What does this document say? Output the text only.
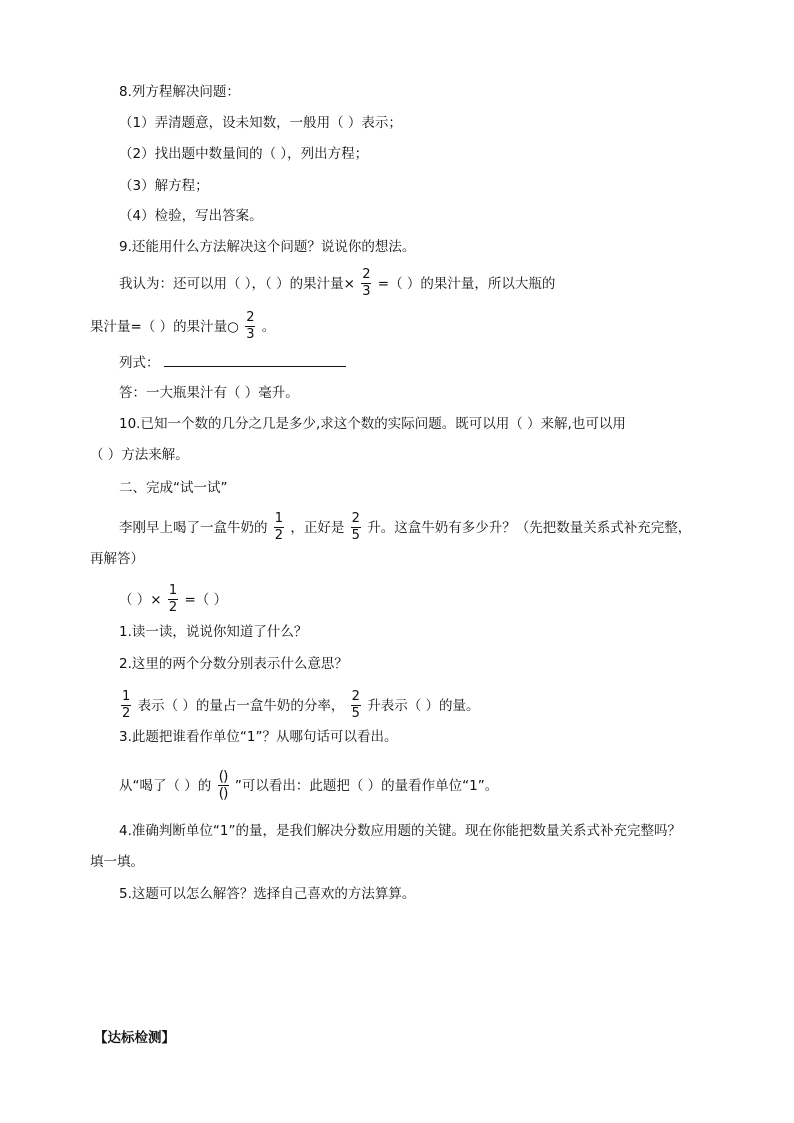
8.列方程解决问题：
（1）弄清题意，设未知数，一般用（ ）表示；
（2）找出题中数量间的（ ），列出方程；
（3）解方程；
（4）检验，写出答案。
9.还能用什么方法解决这个问题？说说你的想法。
我认为：还可以用（ ），（ ）的果汁量× $\frac{2}{3}$ =（ ）的果汁量，所以大瓶的
果汁量=（ ）的果汁量○ $\frac{2}{3}$ 。
列式：
答：一大瓶果汁有（ ）毫升。
10.已知一个数的几分之几是多少,求这个数的实际问题。既可以用（ ）来解,也可以用
（ ）方法来解。
二、完成“试一试”
李刚早上喝了一盒牛奶的 $\frac{1}{2}$ ，正好是 $\frac{2}{5}$ 升。这盒牛奶有多少升？（先把数量关系式补充完整，
再解答）
（ ）× $\frac{1}{2}$ =（ ）
1.读一读，说说你知道了什么？
2.这里的两个分数分别表示什么意思？
$\frac{1}{2}$ 表示（ ）的量占一盒牛奶的分率， $\frac{2}{5}$ 升表示（ ）的量。
3.此题把谁看作单位“1”？从哪句话可以看出。
从“喝了（ ）的 $\frac{()}{()}$ ”可以看出：此题把（ ）的量看作单位“1”。
4.准确判断单位“1”的量，是我们解决分数应用题的关键。现在你能把数量关系式补充完整吗？
填一填。
5.这题可以怎么解答？选择自己喜欢的方法算算。
【达标检测】
